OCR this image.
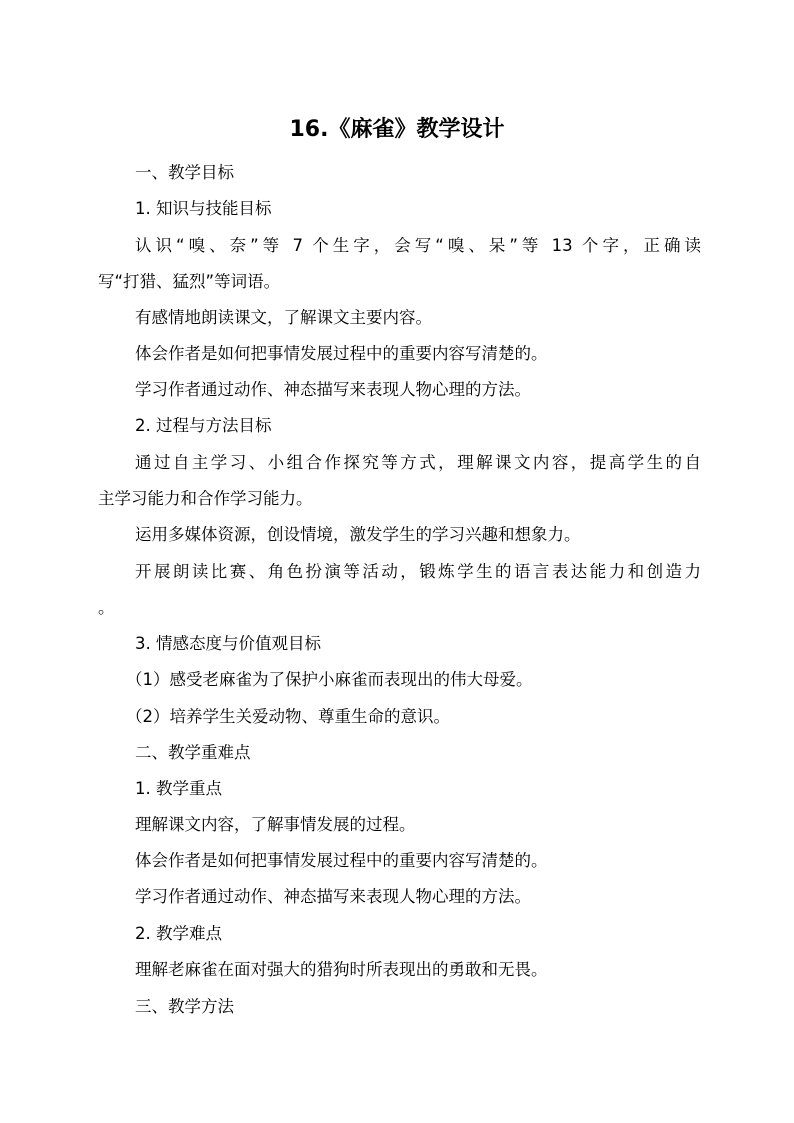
16.《麻雀》教学设计
一、教学目标
1. 知识与技能目标
认识“嗅、奈”等 7 个生字，会写“嗅、呆”等 13 个字，正确读
写“打猎、猛烈”等词语。
有感情地朗读课文，了解课文主要内容。
体会作者是如何把事情发展过程中的重要内容写清楚的。
学习作者通过动作、神态描写来表现人物心理的方法。
2. 过程与方法目标
通过自主学习、小组合作探究等方式，理解课文内容，提高学生的自
主学习能力和合作学习能力。
运用多媒体资源，创设情境，激发学生的学习兴趣和想象力。
开展朗读比赛、角色扮演等活动，锻炼学生的语言表达能力和创造力
。
3. 情感态度与价值观目标
（1）感受老麻雀为了保护小麻雀而表现出的伟大母爱。
（2）培养学生关爱动物、尊重生命的意识。
二、教学重难点
1. 教学重点
理解课文内容，了解事情发展的过程。
体会作者是如何把事情发展过程中的重要内容写清楚的。
学习作者通过动作、神态描写来表现人物心理的方法。
2. 教学难点
理解老麻雀在面对强大的猎狗时所表现出的勇敢和无畏。
三、教学方法
